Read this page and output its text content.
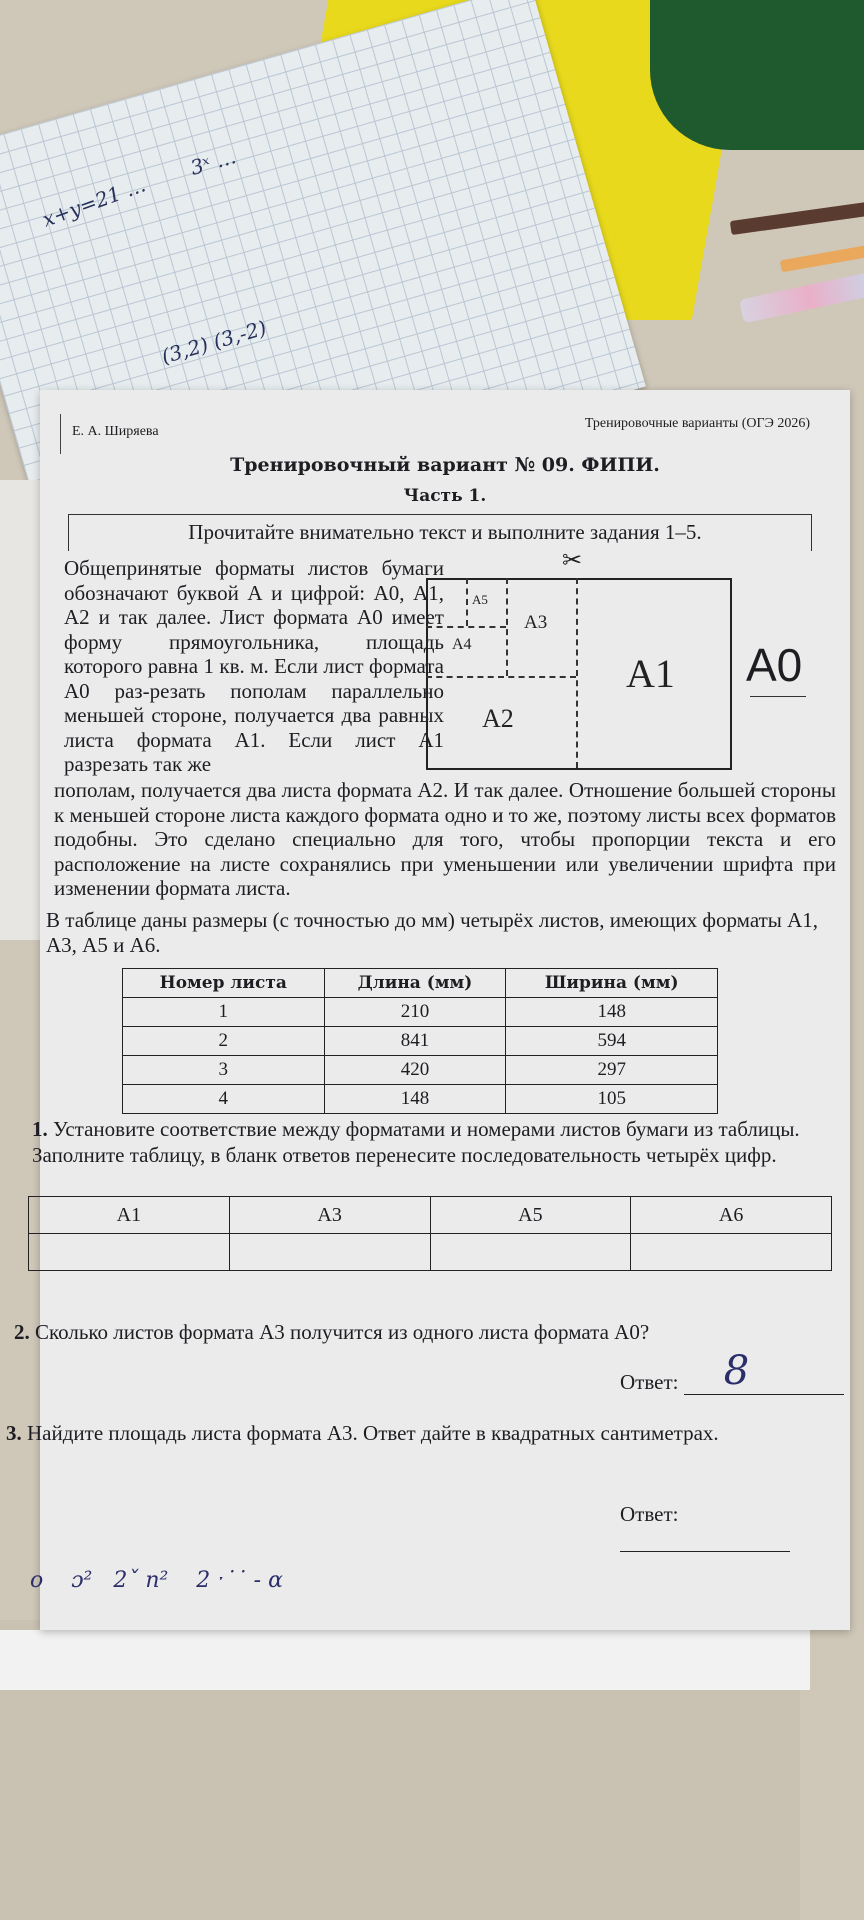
x+y=21 …
3ˣ …
(3,2) (3,-2)
Е. А. Ширяева
Тренировочные варианты (ОГЭ 2026)
Тренировочный вариант № 09. ФИПИ.
Часть 1.
Прочитайте внимательно текст и выполните задания 1–5.
Общепринятые форматы листов бумаги обозначают буквой А и цифрой: А0, А1, А2 и так далее. Лист формата А0 имеет форму прямоугольника, площадь которого равна 1 кв. м. Если лист формата А0 раз-резать пополам параллельно меньшей стороне, получается два равных листа формата А1. Если лист А1 разрезать так же
✂
А5
А4
А3
А2
А1 А0
пополам, получается два листа формата А2. И так далее. Отношение большей стороны к меньшей стороне листа каждого формата одно и то же, поэтому листы всех форматов подобны. Это сделано специально для того, чтобы пропорции текста и его расположение на листе сохранялись при уменьшении или увеличении шрифта при изменении формата листа.
В таблице даны размеры (с точностью до мм) четырёх листов, имеющих форматы А1, А3, А5 и А6.
Номер листа	Длина (мм)	Ширина (мм)
1	210	148
2	841	594
3	420	297
4	148	105
1. Установите соответствие между форматами и номерами листов бумаги из таблицы. Заполните таблицу, в бланк ответов перенесите последовательность четырёх цифр.
А1	А3	А5	А6

2. Сколько листов формата А3 получится из одного листа формата А0?
Ответ: 8
3. Найдите площадь листа формата А3. Ответ дайте в квадратных сантиметрах.
Ответ:
o    ɔ²   2ˇ n²    2 ˑ˙˙ - ɑ
